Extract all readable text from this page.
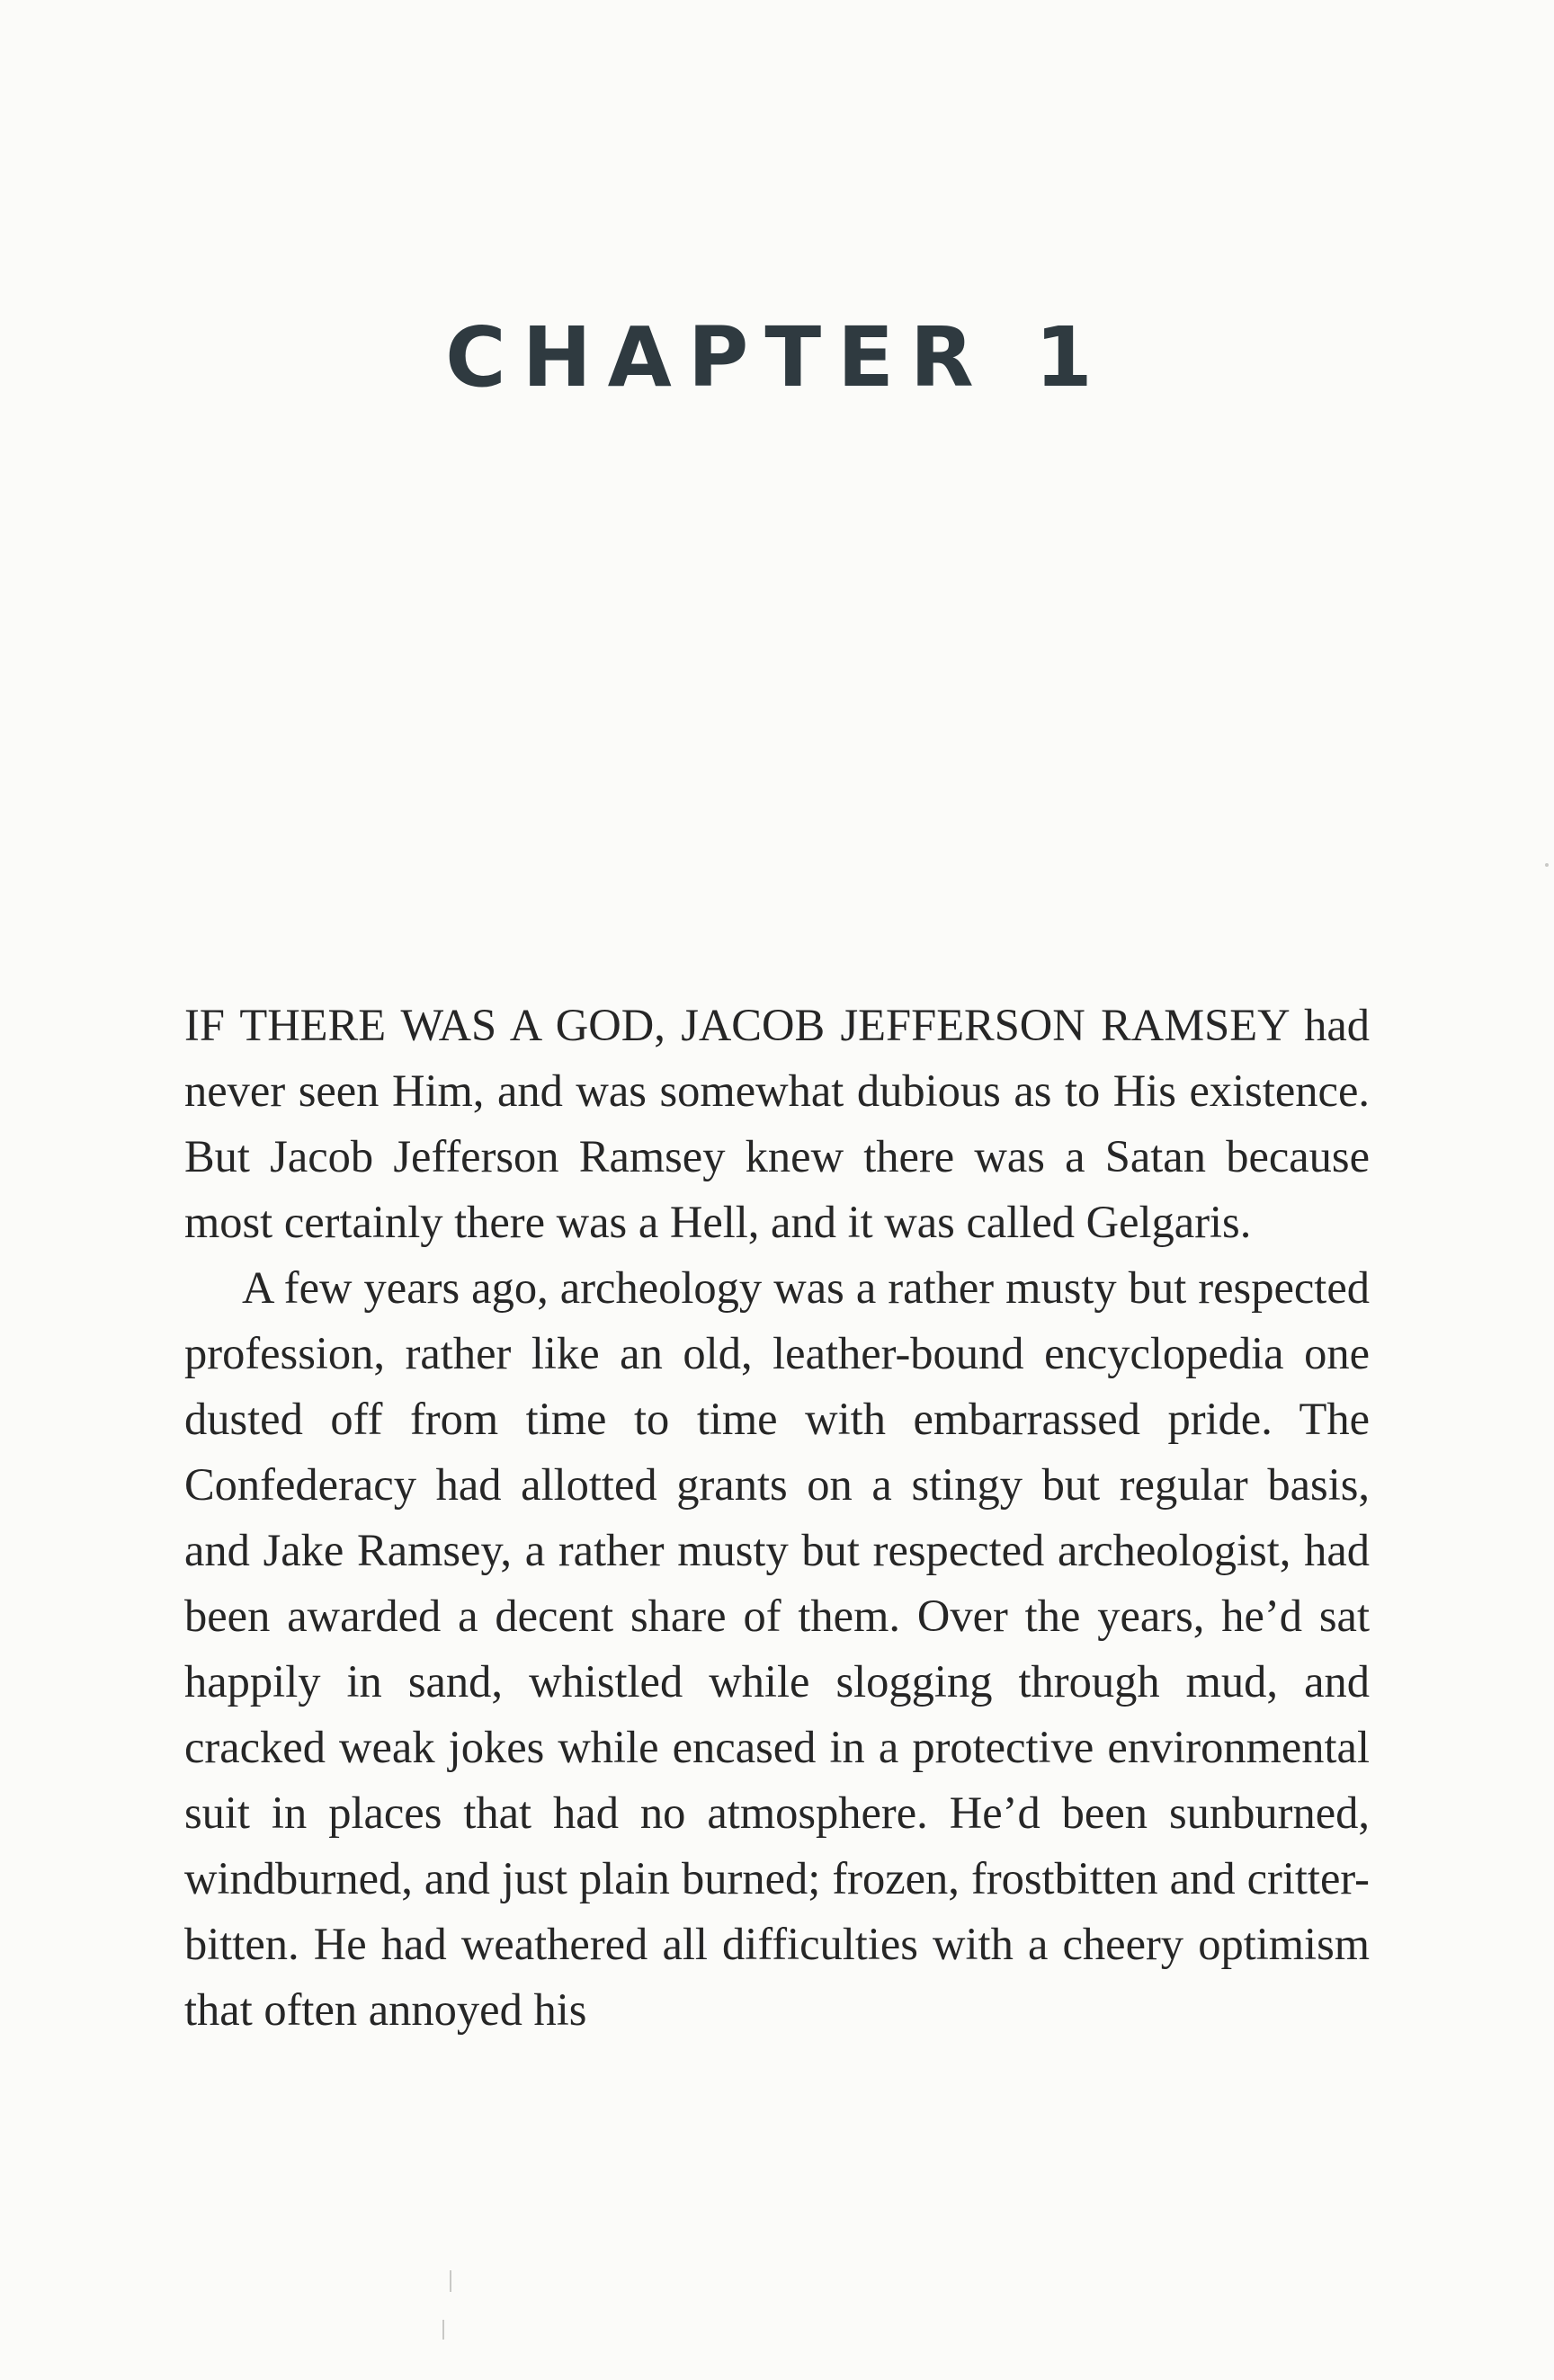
CHAPTER 1

IF THERE WAS A GOD, JACOB JEFFERSON RAMSEY had never seen Him, and was somewhat dubious as to His existence. But Jacob Jefferson Ramsey knew there was a Satan because most certainly there was a Hell, and it was called Gelgaris.

A few years ago, archeology was a rather musty but respected profession, rather like an old, leather-bound encyclopedia one dusted off from time to time with embarrassed pride. The Confederacy had allotted grants on a stingy but regular basis, and Jake Ramsey, a rather musty but respected archeologist, had been awarded a decent share of them. Over the years, he’d sat happily in sand, whistled while slogging through mud, and cracked weak jokes while encased in a protective environmental suit in places that had no atmosphere. He’d been sunburned, windburned, and just plain burned; frozen, frostbitten and critter-bitten. He had weathered all difficulties with a cheery optimism that often annoyed his
